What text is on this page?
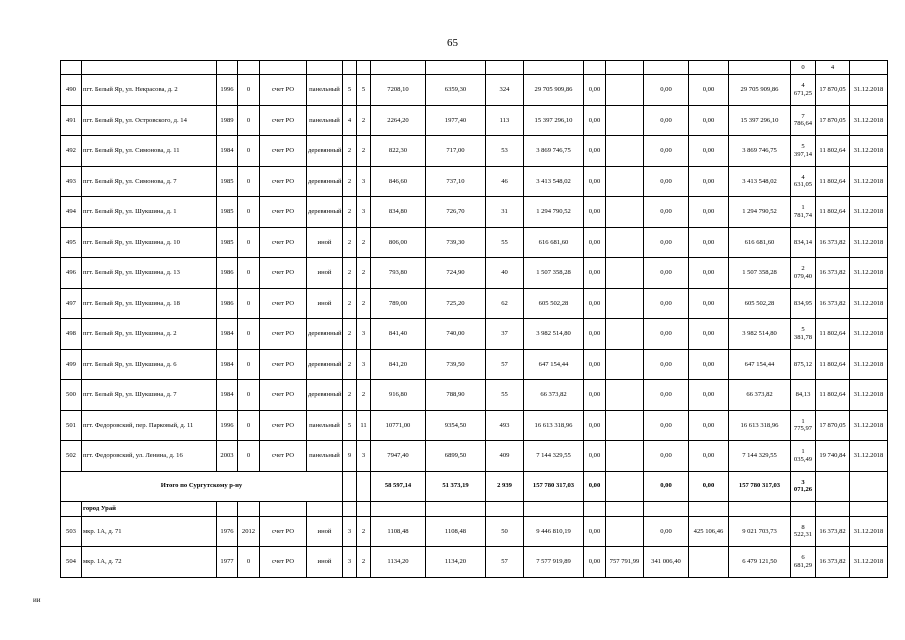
65
																	0	4	
490	пгт. Белый Яр, ул. Некрасова, д. 2	1996	0	счет РО	панельный	5	5	7208,10	6359,30	324	29 705 909,86	0,00		0,00	0,00	29 705 909,86	4 671,25	17 870,05	31.12.2018
491	пгт. Белый Яр, ул. Островского, д. 14	1989	0	счет РО	панельный	4	2	2264,20	1977,40	113	15 397 296,10	0,00		0,00	0,00	15 397 296,10	7 786,64	17 870,05	31.12.2018
492	пгт. Белый Яр, ул. Симонова, д. 11	1984	0	счет РО	деревянный	2	2	822,30	717,00	53	3 869 746,75	0,00		0,00	0,00	3 869 746,75	5 397,14	11 802,64	31.12.2018
493	пгт. Белый Яр, ул. Симонова, д. 7	1985	0	счет РО	деревянный	2	3	846,60	737,10	46	3 413 548,02	0,00		0,00	0,00	3 413 548,02	4 631,05	11 802,64	31.12.2018
494	пгт. Белый Яр, ул. Шукшина, д. 1	1985	0	счет РО	деревянный	2	3	834,80	726,70	31	1 294 790,52	0,00		0,00	0,00	1 294 790,52	1 781,74	11 802,64	31.12.2018
495	пгт. Белый Яр, ул. Шукшина, д. 10	1985	0	счет РО	иной	2	2	806,00	739,30	55	616 681,60	0,00		0,00	0,00	616 681,60	834,14	16 373,82	31.12.2018
496	пгт. Белый Яр, ул. Шукшина, д. 13	1986	0	счет РО	иной	2	2	793,80	724,90	40	1 507 358,28	0,00		0,00	0,00	1 507 358,28	2 079,40	16 373,82	31.12.2018
497	пгт. Белый Яр, ул. Шукшина, д. 18	1986	0	счет РО	иной	2	2	789,00	725,20	62	605 502,28	0,00		0,00	0,00	605 502,28	834,95	16 373,82	31.12.2018
498	пгт. Белый Яр, ул. Шукшина, д. 2	1984	0	счет РО	деревянный	2	3	841,40	740,00	37	3 982 514,80	0,00		0,00	0,00	3 982 514,80	5 381,78	11 802,64	31.12.2018
499	пгт. Белый Яр, ул. Шукшина, д. 6	1984	0	счет РО	деревянный	2	3	841,20	739,50	57	647 154,44	0,00		0,00	0,00	647 154,44	875,12	11 802,64	31.12.2018
500	пгт. Белый Яр, ул. Шукшина, д. 7	1984	0	счет РО	деревянный	2	2	916,80	788,90	55	66 373,82	0,00		0,00	0,00	66 373,82	84,13	11 802,64	31.12.2018
501	пгт. Федоровский, пер. Парковый, д. 11	1996	0	счет РО	панельный	5	11	10771,00	9354,50	493	16 613 318,96	0,00		0,00	0,00	16 613 318,96	1 775,97	17 870,05	31.12.2018
502	пгт. Федоровский, ул. Ленина, д. 16	2003	0	счет РО	панельный	9	3	7947,40	6899,50	409	7 144 329,55	0,00		0,00	0,00	7 144 329,55	1 035,49	19 740,84	31.12.2018
Итого по Сургутскому р-ну								58 597,14	51 373,19	2 939	157 780 317,03	0,00		0,00	0,00	157 780 317,03	3 071,26		
	город Урай																		
503	мкр. 1А, д. 71	1976	2012	счет РО	иной	3	2	1108,48	1108,48	50	9 446 810,19	0,00		0,00	425 106,46	9 021 703,73	8 522,31	16 373,82	31.12.2018
504	мкр. 1А, д. 72	1977	0	счет РО	иной	3	2	1134,20	1134,20	57	7 577 919,89	0,00	757 791,99	341 006,40		6 479 121,50	6 681,29	16 373,82	31.12.2018
ии
